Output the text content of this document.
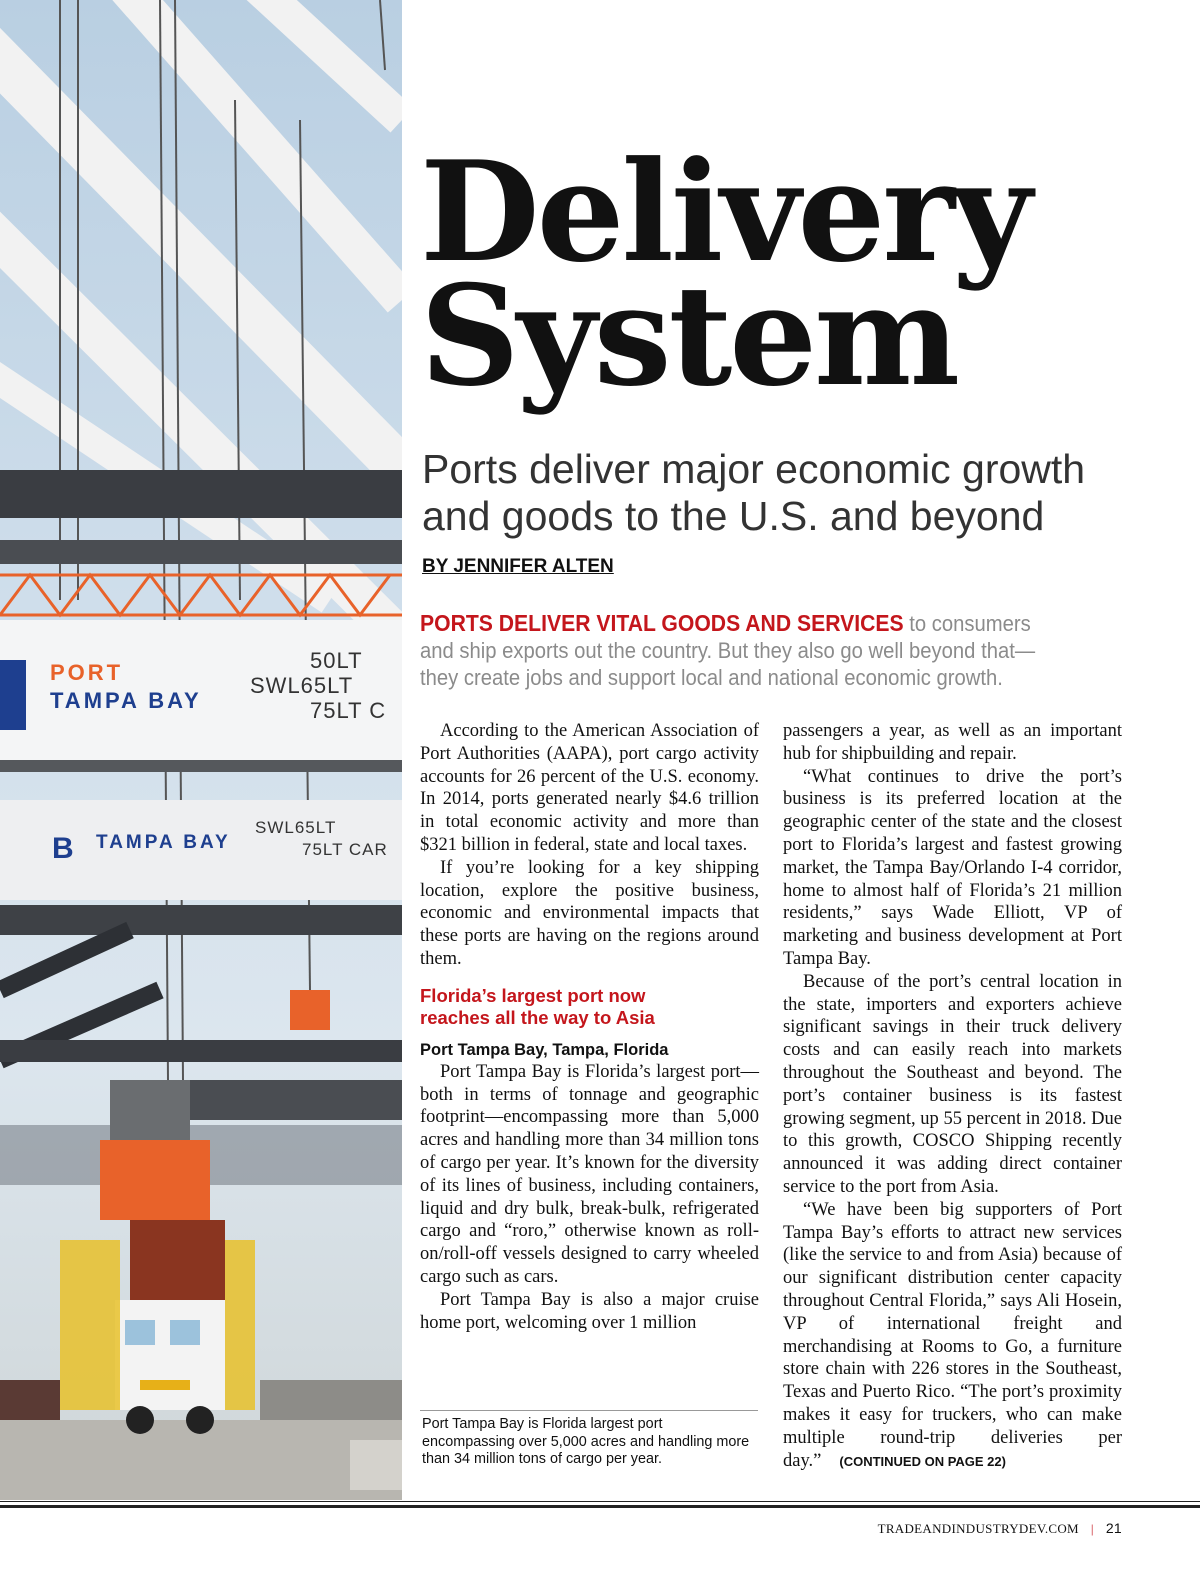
PORT
TAMPA BAY
50LT
SWL65LT
75LT C
TAMPA BAY
SWL65LT
75LT CAR
B
Delivery
System
Ports deliver major economic growth
and goods to the U.S. and beyond
BY JENNIFER ALTEN
PORTS DELIVER VITAL GOODS AND SERVICES to consumers and ship exports out the country. But they also go well beyond that—they create jobs and support local and national economic growth.

According to the American Association of Port Authorities (AAPA), port cargo activity accounts for 26 percent of the U.S. economy. In 2014, ports generated nearly $4.6 trillion in total economic activity and more than $321 billion in federal, state and local taxes.

If you’re looking for a key shipping location, explore the positive business, economic and environmental impacts that these ports are having on the regions around them.

Florida’s largest port now
reaches all the way to Asia

Port Tampa Bay, Tampa, Florida

Port Tampa Bay is Florida’s largest port—both in terms of tonnage and geographic footprint—encompassing more than 5,000 acres and handling more than 34 million tons of cargo per year. It’s known for the diversity of its lines of business, including containers, liquid and dry bulk, break-bulk, refrigerated cargo and “roro,” otherwise known as roll-on/roll-off vessels designed to carry wheeled cargo such as cars.

Port Tampa Bay is also a major cruise home port, welcoming over 1 million

passengers a year, as well as an important hub for shipbuilding and repair.

“What continues to drive the port’s business is its preferred location at the geographic center of the state and the closest port to Florida’s largest and fastest growing market, the Tampa Bay/Orlando I-4 corridor, home to almost half of Florida’s 21 million residents,” says Wade Elliott, VP of marketing and business development at Port Tampa Bay.

Because of the port’s central location in the state, importers and exporters achieve significant savings in their truck delivery costs and can easily reach into markets throughout the Southeast and beyond. The port’s container business is its fastest growing segment, up 55 percent in 2018. Due to this growth, COSCO Shipping recently announced it was adding direct container service to the port from Asia.

“We have been big supporters of Port Tampa Bay’s efforts to attract new services (like the service to and from Asia) because of our significant distribution center capacity throughout Central Florida,” says Ali Hosein, VP of international freight and merchandising at Rooms to Go, a furniture store chain with 226 stores in the Southeast, Texas and Puerto Rico. “The port’s proximity makes it easy for truckers, who can make multiple round-trip deliveries per day.” (CONTINUED ON PAGE 22)

Port Tampa Bay is Florida largest port encompassing over 5,000 acres and handling more than 34 million tons of cargo per year.
TRADEANDINDUSTRYDEV.COM | 21
